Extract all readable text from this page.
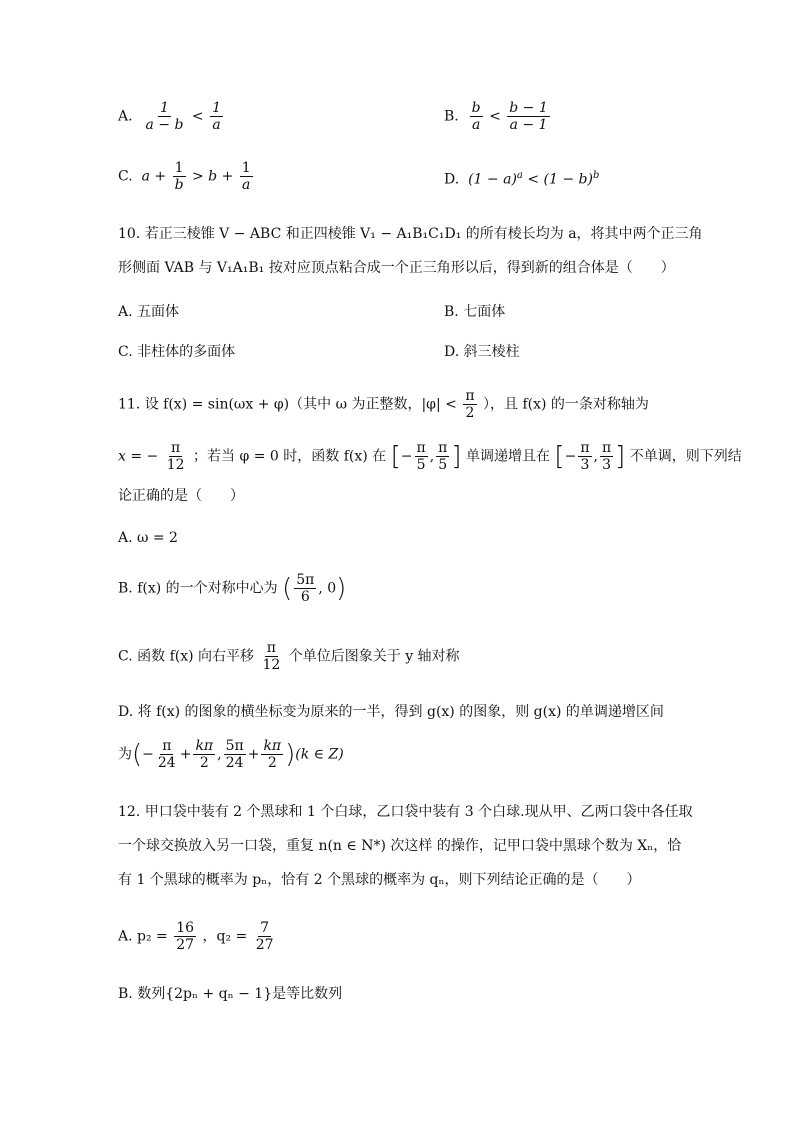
A. $\frac{1}{a - b} < \frac{1}{a}$	B. $\frac{b}{a} < \frac{b - 1}{a - 1}$
C. $a + \frac{1}{b} > b + \frac{1}{a}$	D. $(1 - a)^a < (1 - b)^b$
10. 若正三棱锥 V − ABC 和正四棱锥 V₁ − A₁B₁C₁D₁ 的所有棱长均为 a，将其中两个正三角
形侧面 VAB 与 V₁A₁B₁ 按对应顶点粘合成一个正三角形以后，得到新的组合体是（　　）
A. 五面体	B. 七面体
C. 非柱体的多面体	D. 斜三棱柱
11. 设 f(x) = sin(ωx + φ)（其中 ω 为正整数，$|\varphi| < \frac{\pi}{2}$ ），且 f(x) 的一条对称轴为
x = − $\frac{\pi}{12}$ ；若当 φ = 0 时，函数 f(x) 在 [− $\frac{\pi}{5}$ , $\frac{\pi}{5}$ ] 单调递增且在 [− $\frac{\pi}{3}$ , $\frac{\pi}{3}$ ] 不单调，则下列结
论正确的是（　　）
A. ω = 2
B. f(x) 的一个对称中心为 ( $\frac{5\pi}{6}$ , 0)
C. 函数 f(x) 向右平移 $\frac{\pi}{12}$ 个单位后图象关于 y 轴对称
D. 将 f(x) 的图象的横坐标变为原来的一半，得到 g(x) 的图象，则 g(x) 的单调递增区间
为(− $\frac{\pi}{24} + \frac{k\pi}{2}$ , $\frac{5\pi}{24} + \frac{k\pi}{2} )(k$ ∈ Z)
12. 甲口袋中装有 2 个黑球和 1 个白球，乙口袋中装有 3 个白球.现从甲、乙两口袋中各任取
一个球交换放入另一口袋，重复 n(n ∈ N*) 次这样 的操作，记甲口袋中黑球个数为 Xₙ，恰
有 1 个黑球的概率为 pₙ，恰有 2 个黑球的概率为 qₙ，则下列结论正确的是（　　）
A. $p_2 = \frac{16}{27}$ ，$q_2 = \frac{7}{27}$
B. 数列{2pₙ + qₙ − 1}是等比数列
